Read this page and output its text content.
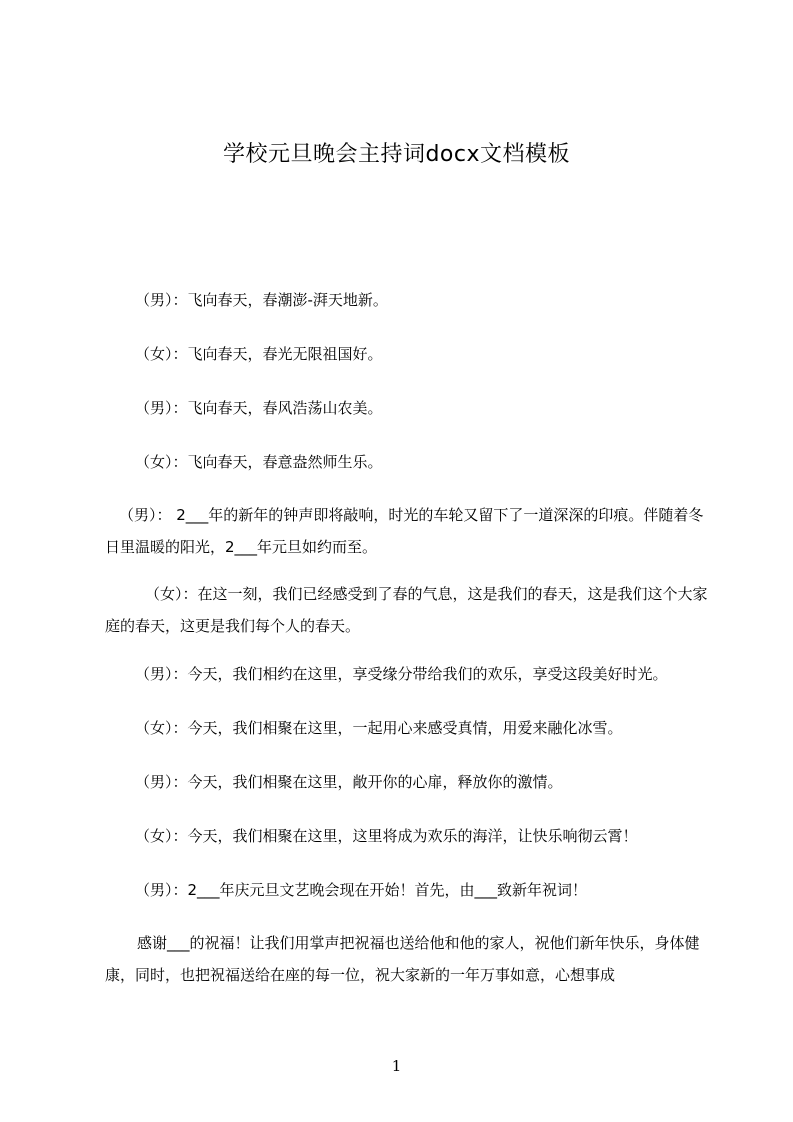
学校元旦晚会主持词docx文档模板
（男）：飞向春天，春潮澎-湃天地新。
（女）：飞向春天，春光无限祖国好。
（男）：飞向春天，春风浩荡山农美。
（女）：飞向春天，春意盎然师生乐。
（男）： 2___年的新年的钟声即将敲响，时光的车轮又留下了一道深深的印痕。伴随着冬日里温暖的阳光，2___年元旦如约而至。
（女）：在这一刻，我们已经感受到了春的气息，这是我们的春天，这是我们这个大家庭的春天，这更是我们每个人的春天。
（男）：今天，我们相约在这里，享受缘分带给我们的欢乐，享受这段美好时光。
（女）：今天，我们相聚在这里，一起用心来感受真情，用爱来融化冰雪。
（男）：今天，我们相聚在这里，敞开你的心扉，释放你的激情。
（女）：今天，我们相聚在这里，这里将成为欢乐的海洋，让快乐响彻云霄！
（男）：2___年庆元旦文艺晚会现在开始！首先，由___致新年祝词！
感谢___的祝福！让我们用掌声把祝福也送给他和他的家人，祝他们新年快乐，身体健康，同时，也把祝福送给在座的每一位，祝大家新的一年万事如意，心想事成
1
